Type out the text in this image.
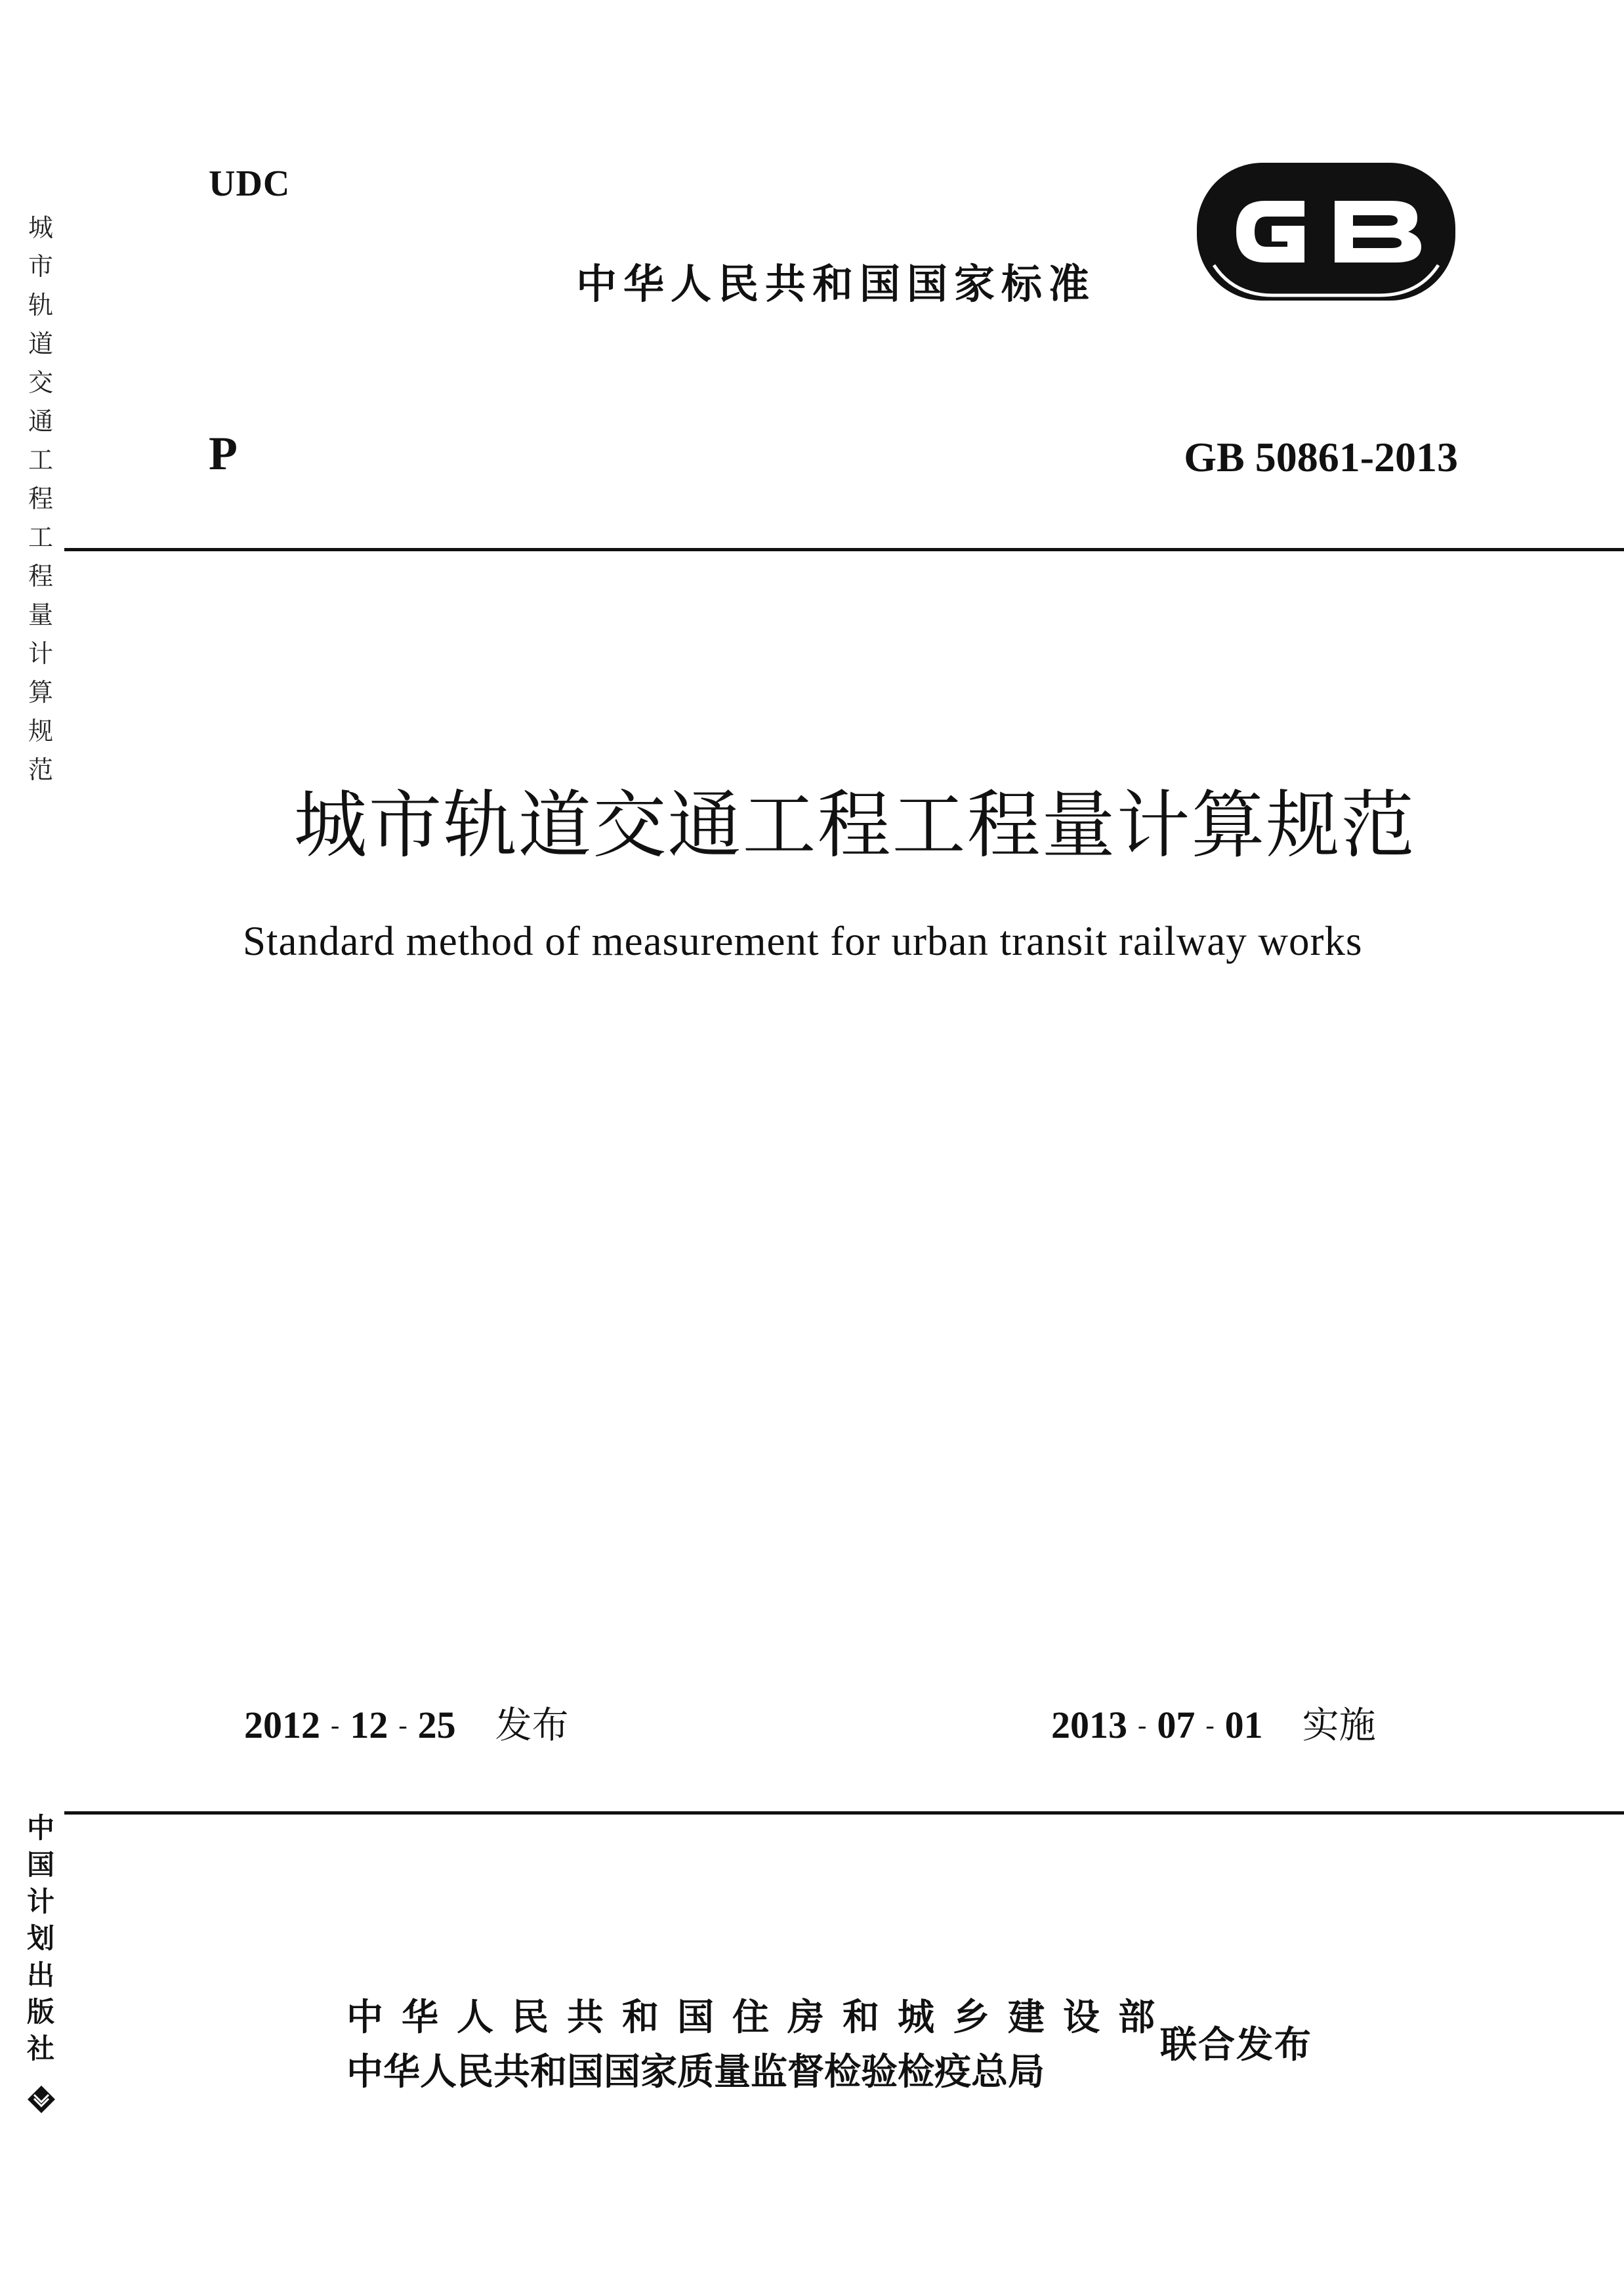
城市轨道交通工程工程量计算规范
中国计划出版社
UDC
中华人民共和国国家标准
P	GB 50861-2013
城市轨道交通工程工程量计算规范
Standard method of measurement for urban transit railway works
2012 - 12 - 25 发布	2013 - 07 - 01 实施
中华人民共和国住房和城乡建设部
中华人民共和国国家质量监督检验检疫总局
联合发布
